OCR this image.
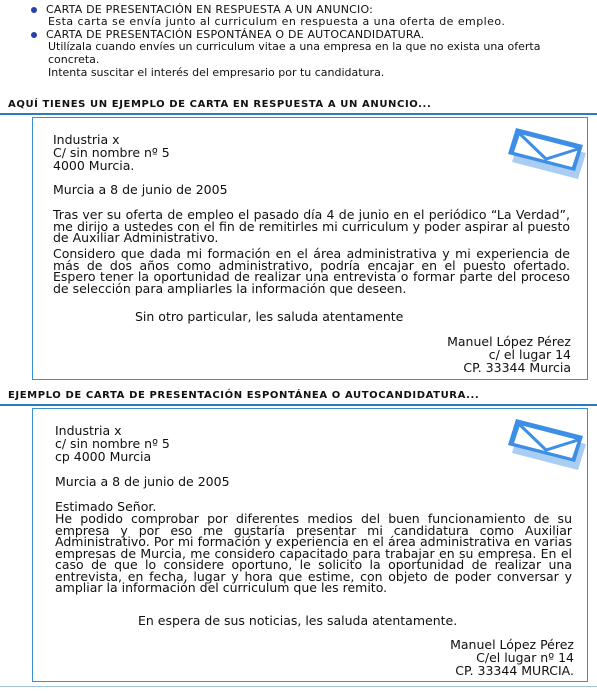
CARTA DE PRESENTACIÓN EN RESPUESTA A UN ANUNCIO:
Esta carta se envía junto al curriculum en respuesta a una oferta de empleo.
CARTA DE PRESENTACIÓN ESPONTÁNEA O DE AUTOCANDIDATURA.
Utilízala cuando envíes un curriculum vitae a una empresa en la que no exista una oferta
concreta.
Intenta suscitar el interés del empresario por tu candidatura.
AQUÍ TIENES UN EJEMPLO DE CARTA EN RESPUESTA A UN ANUNCIO...
Industria x
C/ sin nombre nº 5
4000 Murcia.
Murcia a 8 de junio de 2005
Tras ver su oferta de empleo el pasado día 4 de junio en el periódico “La Verdad”, me dirijo a ustedes con el fin de remitirles mi curriculum y poder aspirar al puesto de Auxiliar Administrativo.
Considero que dada mi formación en el área administrativa y mi experiencia de más de dos años como administrativo, podría encajar en el puesto ofertado. Espero tener la oportunidad de realizar una entrevista o formar parte del proceso de selección para ampliarles la información que deseen.
Sin otro particular, les saluda atentamente
Manuel López Pérez
c/ el lugar 14
CP. 33344 Murcia
EJEMPLO DE CARTA DE PRESENTACIÓN ESPONTÁNEA O AUTOCANDIDATURA...
Industria x
c/ sin nombre nº 5
cp 4000 Murcia
Murcia a 8 de junio de 2005
Estimado Señor.
He podido comprobar por diferentes medios del buen funcionamiento de su empresa y por eso me gustaría presentar mi candidatura como Auxiliar Administrativo. Por mi formación y experiencia en el área administrativa en varias empresas de Murcia, me considero capacitado para trabajar en su empresa. En el caso de que lo considere oportuno, le solicito la oportunidad de realizar una entrevista, en fecha, lugar y hora que estime, con objeto de poder conversar y ampliar la información del curriculum que les remito.
En espera de sus noticias, les saluda atentamente.
Manuel López Pérez
C/el lugar nº 14
CP. 33344 MURCIA.
